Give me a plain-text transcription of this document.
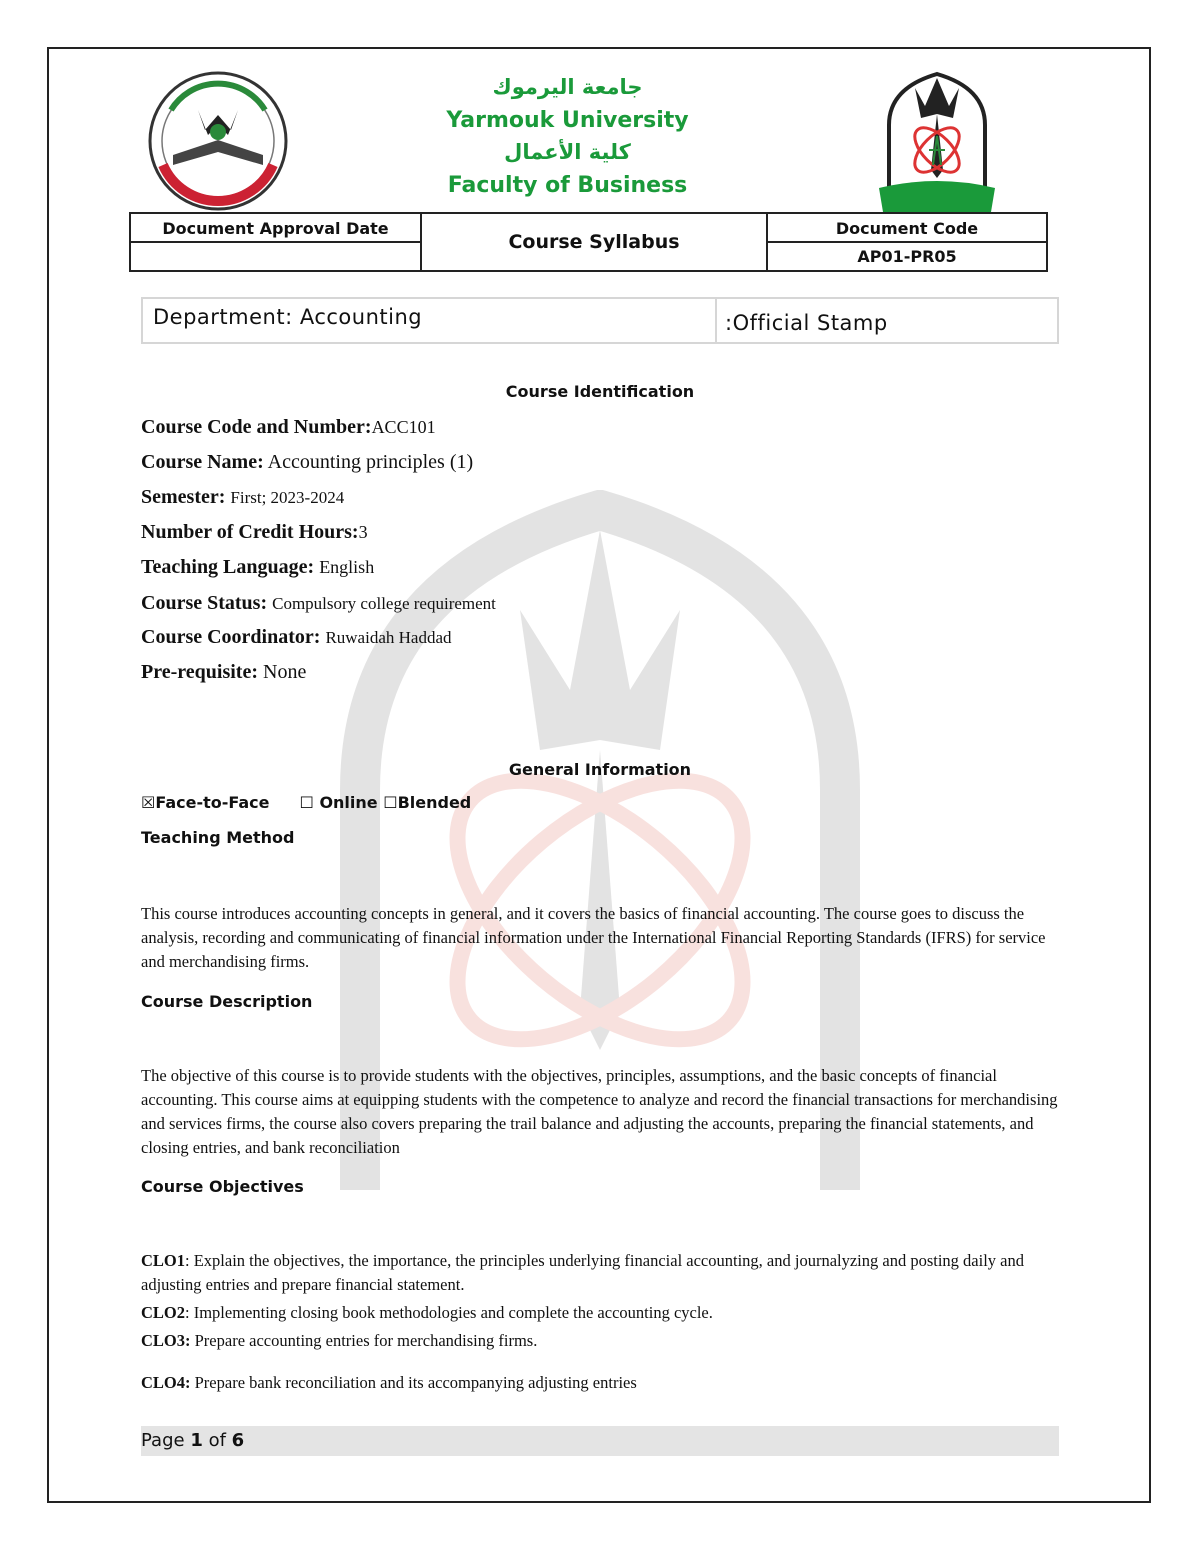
جامعة اليرموك
Yarmouk University
كلية الأعمال
Faculty of Business
Document Approval Date
Course Syllabus
Document Code
AP01-PR05
Department: Accounting	:Official Stamp
Course Identification
Course Code and Number:ACC101
Course Name: Accounting principles (1)
Semester: First; 2023-2024
Number of Credit Hours:3
Teaching Language: English
Course Status: Compulsory college requirement
Course Coordinator: Ruwaidah Haddad
Pre-requisite: None
General Information
☒Face-to-Face ☐ Online ☐Blended
Teaching Method
This course introduces accounting concepts in general, and it covers the basics of financial accounting. The course goes to discuss the analysis, recording and communicating of financial information under the International Financial Reporting Standards (IFRS) for service and merchandising firms.
Course Description
The objective of this course is to provide students with the objectives, principles, assumptions, and the basic concepts of financial accounting. This course aims at equipping students with the competence to analyze and record the financial transactions for merchandising and services firms, the course also covers preparing the trail balance and adjusting the accounts, preparing the financial statements, and closing entries, and bank reconciliation
Course Objectives
CLO1: Explain the objectives, the importance, the principles underlying financial accounting, and journalyzing and posting daily and adjusting entries and prepare financial statement.
CLO2: Implementing closing book methodologies and complete the accounting cycle.
CLO3: Prepare accounting entries for merchandising firms.
CLO4: Prepare bank reconciliation and its accompanying adjusting entries
Page 1 of 6
